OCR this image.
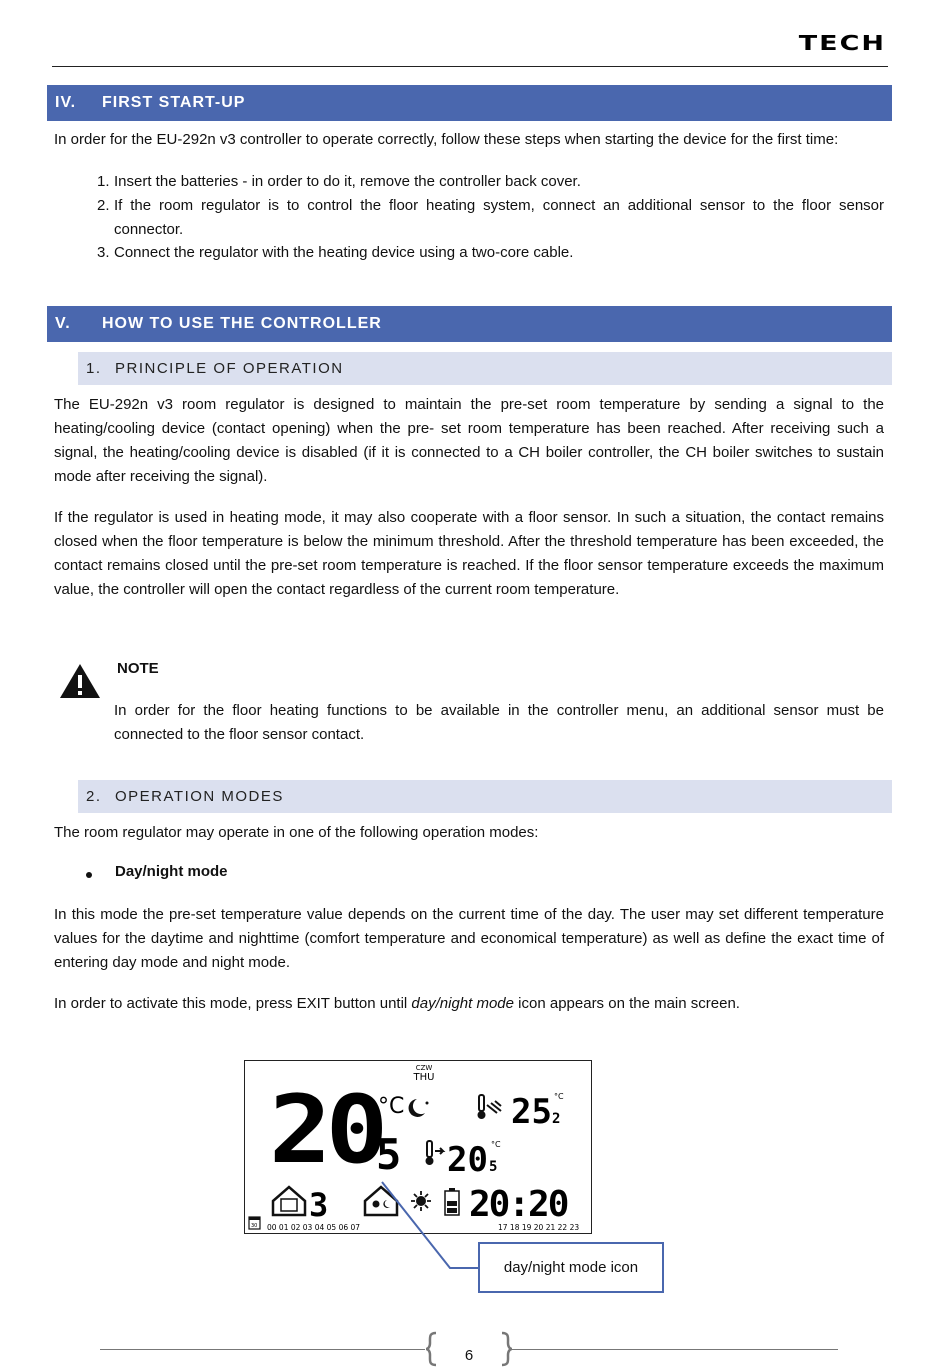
TECH
IV. FIRST START-UP
In order for the EU-292n v3 controller to operate correctly, follow these steps when starting the device for the first time:
1. Insert the batteries - in order to do it, remove the controller back cover.
2. If the room regulator is to control the floor heating system, connect an additional sensor to the floor sensor connector.
3. Connect the regulator with the heating device using a two-core cable.
V. HOW TO USE THE CONTROLLER
1. PRINCIPLE OF OPERATION
The EU-292n v3 room regulator is designed to maintain the pre-set room temperature by sending a signal to the heating/cooling device (contact opening) when the pre- set room temperature has been reached. After receiving such a signal, the heating/cooling device is disabled (if it is connected to a CH boiler controller, the CH boiler switches to sustain mode after receiving the signal).
If the regulator is used in heating mode, it may also cooperate with a floor sensor. In such a situation, the contact remains closed when the floor temperature is below the minimum threshold. After the threshold temperature has been exceeded, the contact remains closed until the pre-set room temperature is reached. If the floor sensor temperature exceeds the maximum value, the controller will open the contact regardless of the current room temperature.
NOTE
In order for the floor heating functions to be available in the controller menu, an additional sensor must be connected to the floor sensor contact.
2. OPERATION MODES
The room regulator may operate in one of the following operation modes:
Day/night mode
In this mode the pre-set temperature value depends on the current time of the day. The user may set different temperature values for the daytime and nighttime (comfort temperature and economical temperature) as well as define the exact time of entering day mode and night mode.
In order to activate this mode, press EXIT button until day/night mode icon appears on the main screen.
CZW
THU
20
5
°C	25 2
°C
20 5
°C
3	20:20
30 00 01 02 03 04 05 06 07	17 18 19 20 21 22 23
day/night mode icon
6
